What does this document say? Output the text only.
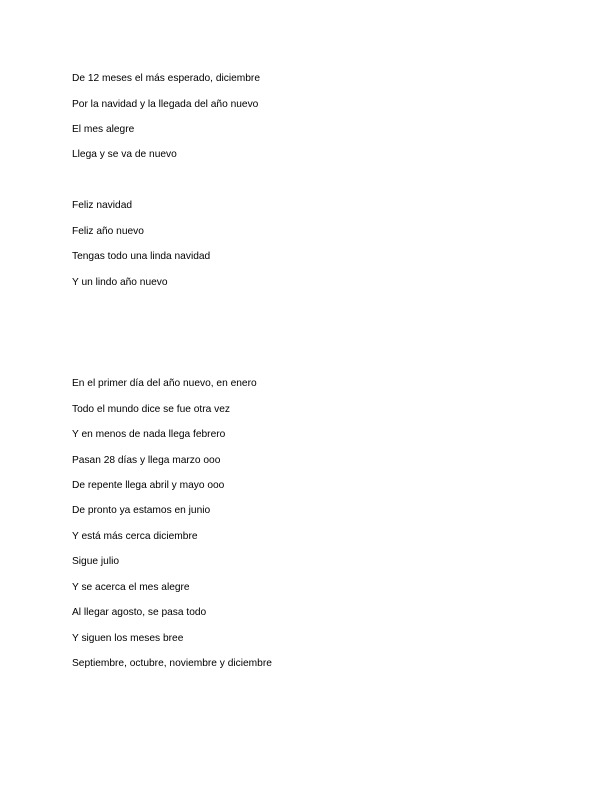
De 12 meses el más esperado, diciembre
Por la navidad y la llegada del año nuevo
El mes alegre
Llega y se va de nuevo
Feliz navidad
Feliz año nuevo
Tengas todo una linda navidad
Y un lindo año nuevo
En el primer día del año nuevo, en enero
Todo el mundo dice se fue otra vez
Y en menos de nada llega febrero
Pasan 28 días y llega marzo ooo
De repente llega abril y mayo ooo
De pronto ya estamos en junio
Y está más cerca diciembre
Sigue julio
Y se acerca el mes alegre
Al llegar agosto, se pasa todo
Y siguen los meses bree
Septiembre, octubre, noviembre y diciembre
